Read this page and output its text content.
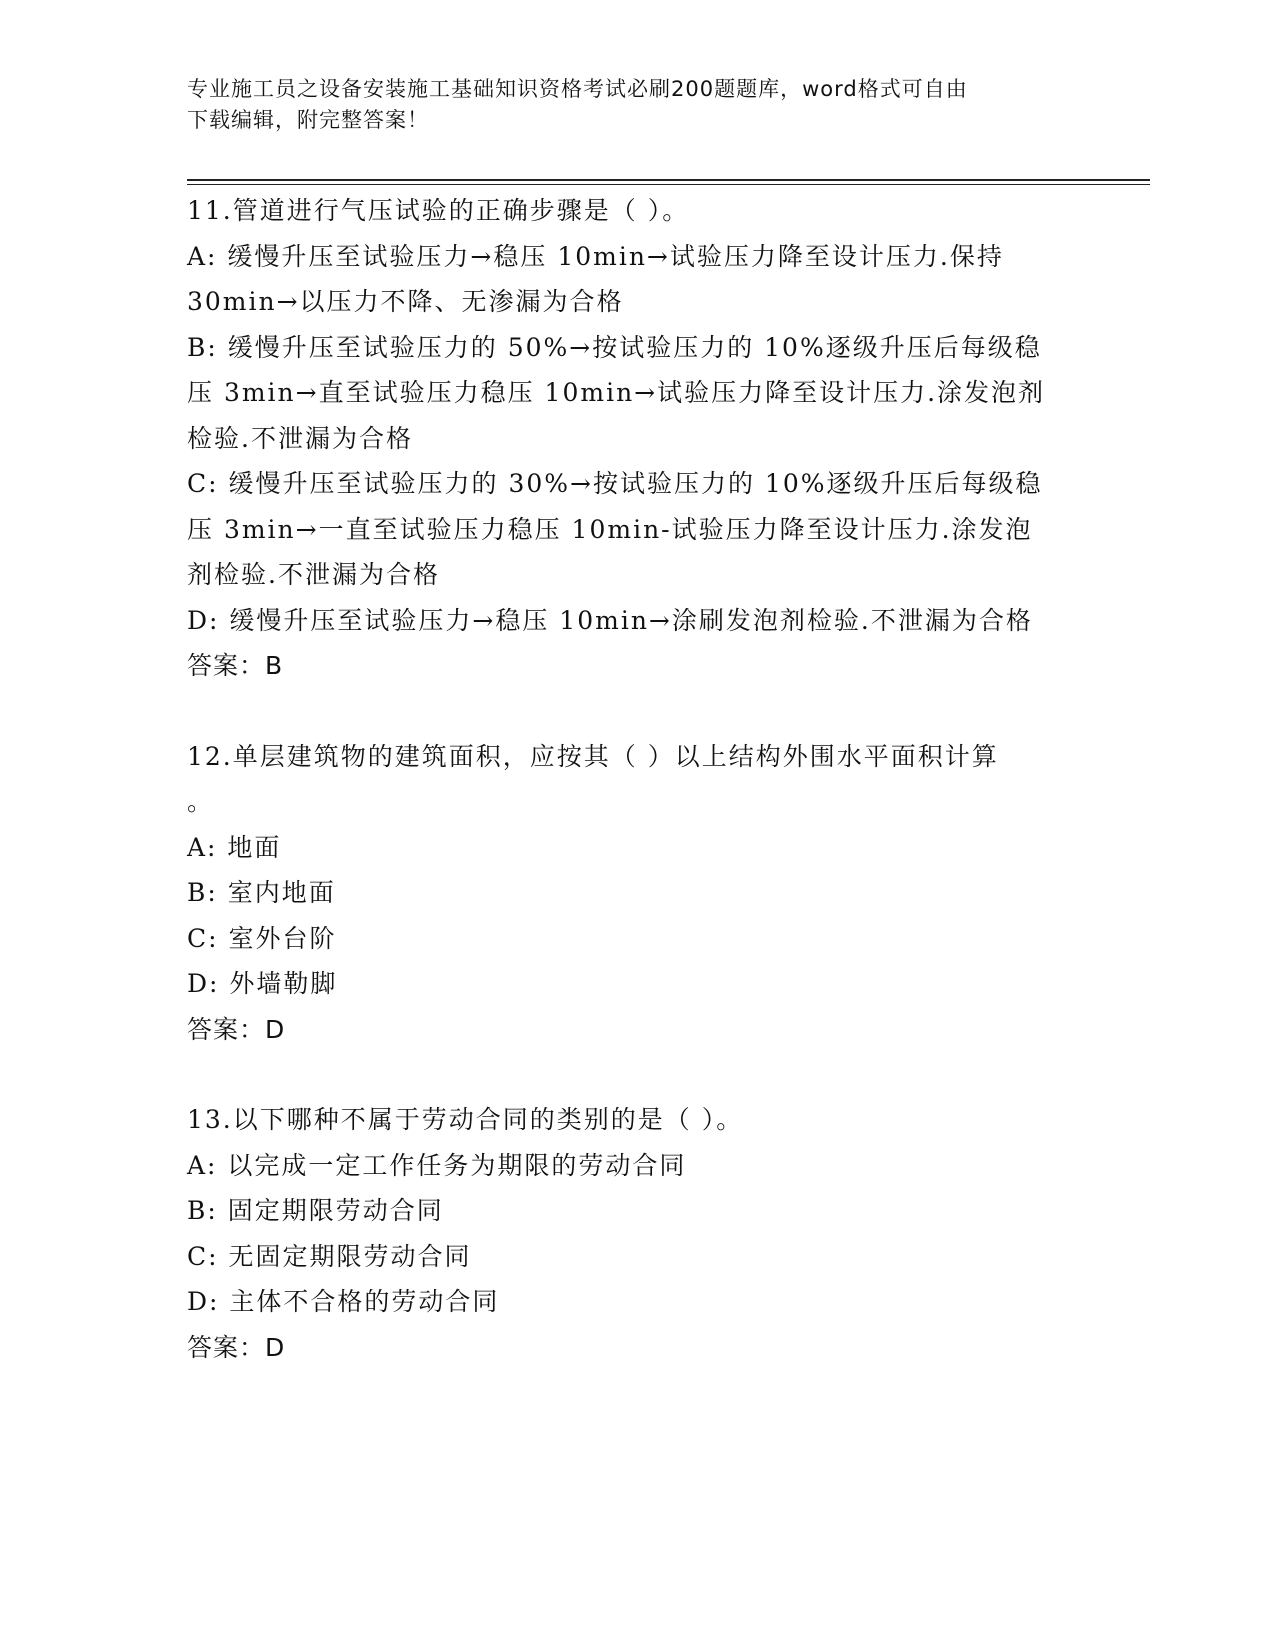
专业施工员之设备安装施工基础知识资格考试必刷200题题库，word格式可自由
下载编辑，附完整答案！
11.管道进行气压试验的正确步骤是（ ）。
A: 缓慢升压至试验压力→稳压 10min→试验压力降至设计压力.保持
30min→以压力不降、无渗漏为合格
B: 缓慢升压至试验压力的 50%→按试验压力的 10%逐级升压后每级稳
压 3min→直至试验压力稳压 10min→试验压力降至设计压力.涂发泡剂
检验.不泄漏为合格
C: 缓慢升压至试验压力的 30%→按试验压力的 10%逐级升压后每级稳
压 3min→一直至试验压力稳压 10min-试验压力降至设计压力.涂发泡
剂检验.不泄漏为合格
D: 缓慢升压至试验压力→稳压 10min→涂刷发泡剂检验.不泄漏为合格
答案：B
12.单层建筑物的建筑面积，应按其（ ）以上结构外围水平面积计算
。
A: 地面
B: 室内地面
C: 室外台阶
D: 外墙勒脚
答案：D
13.以下哪种不属于劳动合同的类别的是（ ）。
A: 以完成一定工作任务为期限的劳动合同
B: 固定期限劳动合同
C: 无固定期限劳动合同
D: 主体不合格的劳动合同
答案：D
